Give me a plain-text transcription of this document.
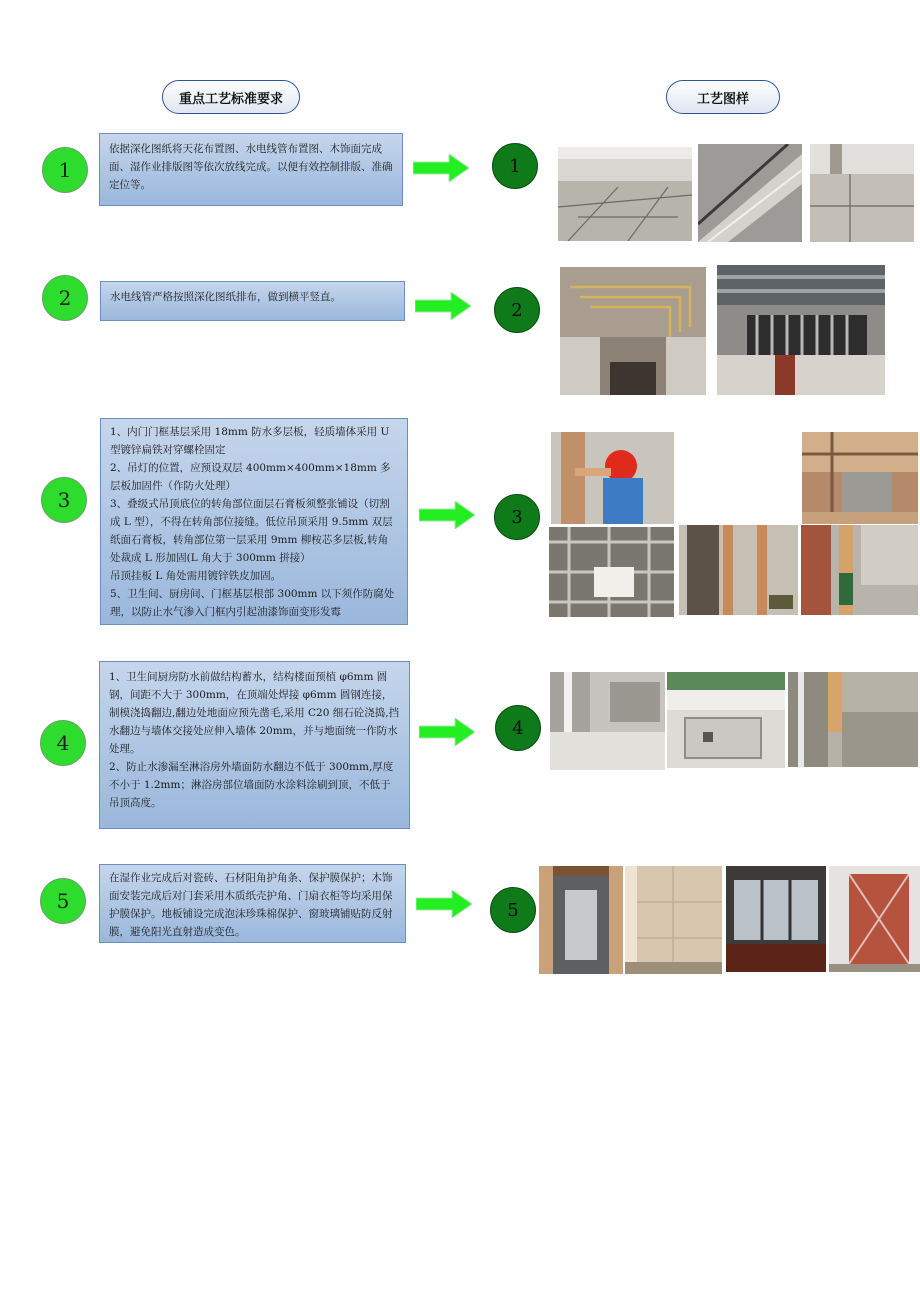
重点工艺标准要求	工艺图样
1

依据深化图纸将天花布置图、水电线管布置图、木饰面完成面、湿作业排版图等依次放线完成。以便有效控制排版、准确定位等。

1
2	水电线管严格按照深化图纸排布，做到横平竖直。

2
3

1、内门门框基层采用 18mm 防水多层板，轻质墙体采用 U 型镀锌扁铁对穿螺栓固定

2、吊灯的位置，应预设双层 400mm×400mm×18mm 多层板加固件（作防火处理）

3、叠级式吊顶底位的转角部位面层石膏板须整张铺设（切割成 L 型），不得在转角部位接缝。低位吊顶采用 9.5mm 双层纸面石膏板，转角部位第一层采用 9mm 柳桉芯多层板,转角处裁成 L 形加固(L 角大于 300mm 拼接）

吊顶挂板 L 角处需用镀锌铁皮加固。

5、卫生间、厨房间、门框基层根部 300mm 以下须作防腐处理，以防止水气渗入门框内引起油漆饰面变形发霉

3
4

1、卫生间厨房防水前做结构蓄水，结构楼面预植 φ6mm 圆钢，间距不大于 300mm，在顶端处焊接 φ6mm 圆钢连接，制模浇捣翻边,翻边处地面应预先凿毛,采用 C20 细石砼浇捣,挡水翻边与墙体交接处应伸入墙体 20mm，并与地面统一作防水处理。

2、防止水渗漏至淋浴房外墙面防水翻边不低于 300mm,厚度不小于 1.2mm；淋浴房部位墙面防水涂料涂刷到顶，不低于吊顶高度。

4
5

在湿作业完成后对瓷砖、石材阳角护角条、保护膜保护；木饰面安装完成后对门套采用木质纸壳护角、门扇衣柜等均采用保护膜保护。地板铺设完成泡沫珍珠棉保护、窗玻璃铺贴防反射膜，避免阳光直射造成变色。

5
